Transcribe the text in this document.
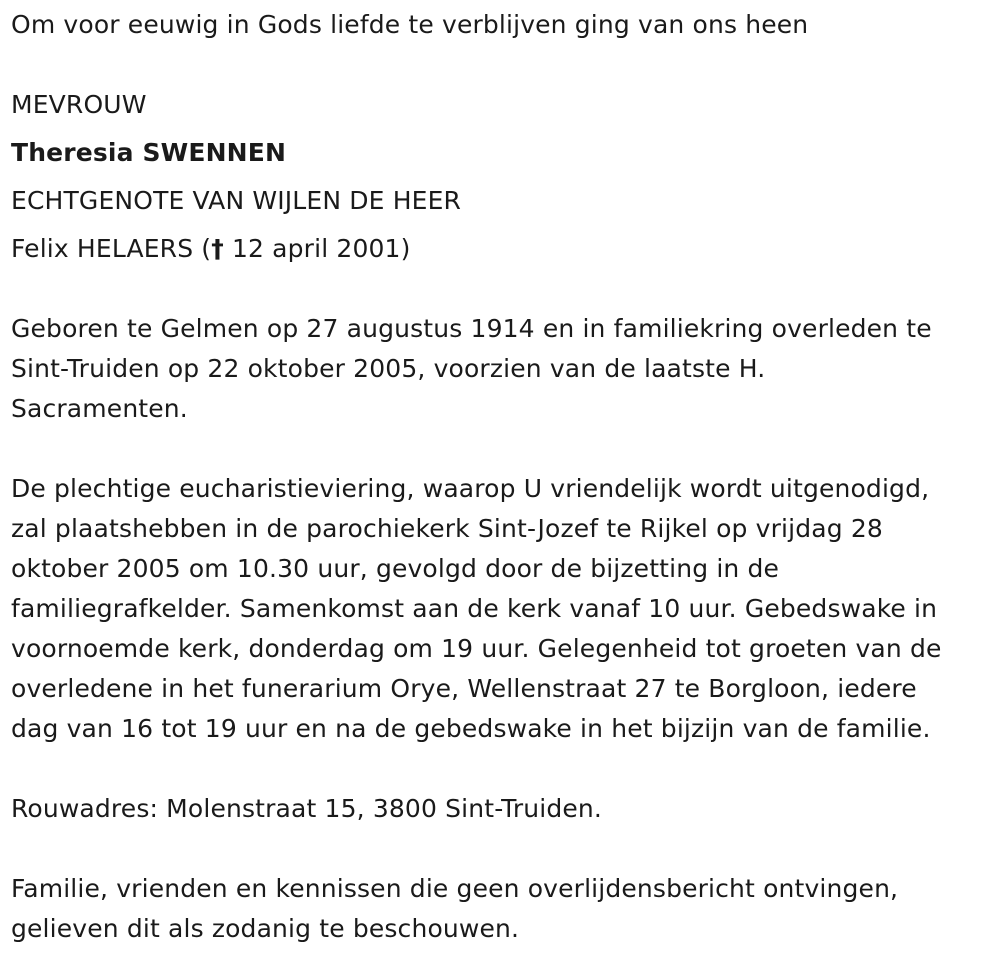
Om voor eeuwig in Gods liefde te verblijven ging van ons heen
MEVROUW
Theresia SWENNEN
ECHTGENOTE VAN WIJLEN DE HEER
Felix HELAERS († 12 april 2001)
Geboren te Gelmen op 27 augustus 1914 en in familiekring overleden te
Sint-Truiden op 22 oktober 2005, voorzien van de laatste H.
Sacramenten.
De plechtige eucharistieviering, waarop U vriendelijk wordt uitgenodigd,
zal plaatshebben in de parochiekerk Sint-Jozef te Rijkel op vrijdag 28
oktober 2005 om 10.30 uur, gevolgd door de bijzetting in de
familiegrafkelder. Samenkomst aan de kerk vanaf 10 uur. Gebedswake in
voornoemde kerk, donderdag om 19 uur. Gelegenheid tot groeten van de
overledene in het funerarium Orye, Wellenstraat 27 te Borgloon, iedere
dag van 16 tot 19 uur en na de gebedswake in het bijzijn van de familie.
Rouwadres: Molenstraat 15, 3800 Sint-Truiden.
Familie, vrienden en kennissen die geen overlijdensbericht ontvingen,
gelieven dit als zodanig te beschouwen.
